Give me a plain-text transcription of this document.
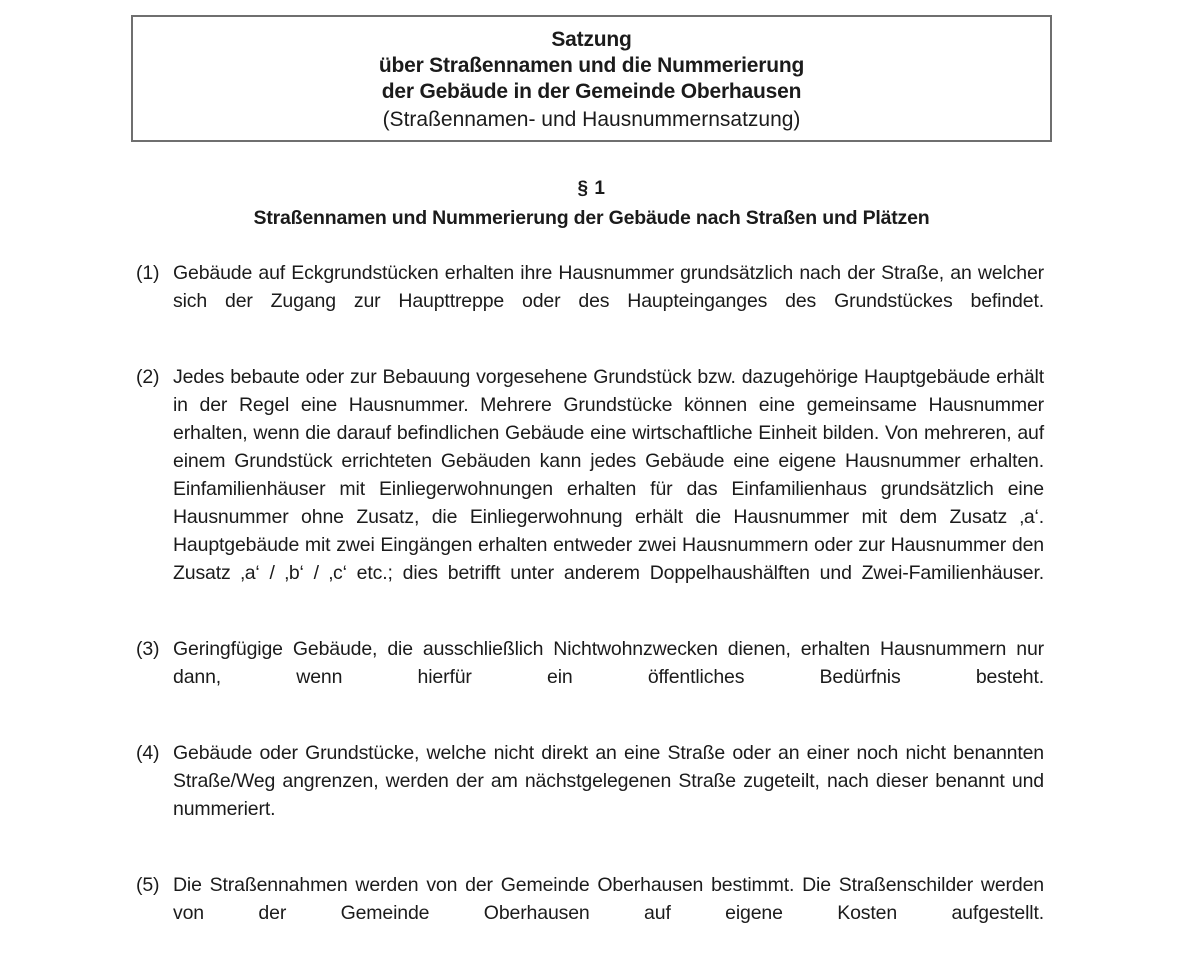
Satzung
über Straßennamen und die Nummerierung
der Gebäude in der Gemeinde Oberhausen
(Straßennamen- und Hausnummernsatzung)
§ 1
Straßennamen und Nummerierung der Gebäude nach Straßen und Plätzen
(1) Gebäude auf Eckgrundstücken erhalten ihre Hausnummer grundsätzlich nach der Straße, an welcher sich der Zugang zur Haupttreppe oder des Haupteinganges des Grundstückes befindet.
(2) Jedes bebaute oder zur Bebauung vorgesehene Grundstück bzw. dazugehörige Hauptgebäude erhält in der Regel eine Hausnummer. Mehrere Grundstücke können eine gemeinsame Hausnummer erhalten, wenn die darauf befindlichen Gebäude eine wirtschaftliche Einheit bilden. Von mehreren, auf einem Grundstück errichteten Gebäuden kann jedes Gebäude eine eigene Hausnummer erhalten. Einfamilienhäuser mit Einliegerwohnungen erhalten für das Einfamilienhaus grundsätzlich eine Hausnummer ohne Zusatz, die Einliegerwohnung erhält die Hausnummer mit dem Zusatz ‚a‘. Hauptgebäude mit zwei Eingängen erhalten entweder zwei Hausnummern oder zur Hausnummer den Zusatz ‚a‘ / ‚b‘ / ‚c‘ etc.; dies betrifft unter anderem Doppelhaushälften und Zwei-Familienhäuser.
(3) Geringfügige Gebäude, die ausschließlich Nichtwohnzwecken dienen, erhalten Hausnummern nur dann, wenn hierfür ein öffentliches Bedürfnis besteht.
(4) Gebäude oder Grundstücke, welche nicht direkt an eine Straße oder an einer noch nicht benannten Straße/Weg angrenzen, werden der am nächstgelegenen Straße zugeteilt, nach dieser benannt und nummeriert.
(5) Die Straßennahmen werden von der Gemeinde Oberhausen bestimmt. Die Straßenschilder werden von der Gemeinde Oberhausen auf eigene Kosten aufgestellt.
